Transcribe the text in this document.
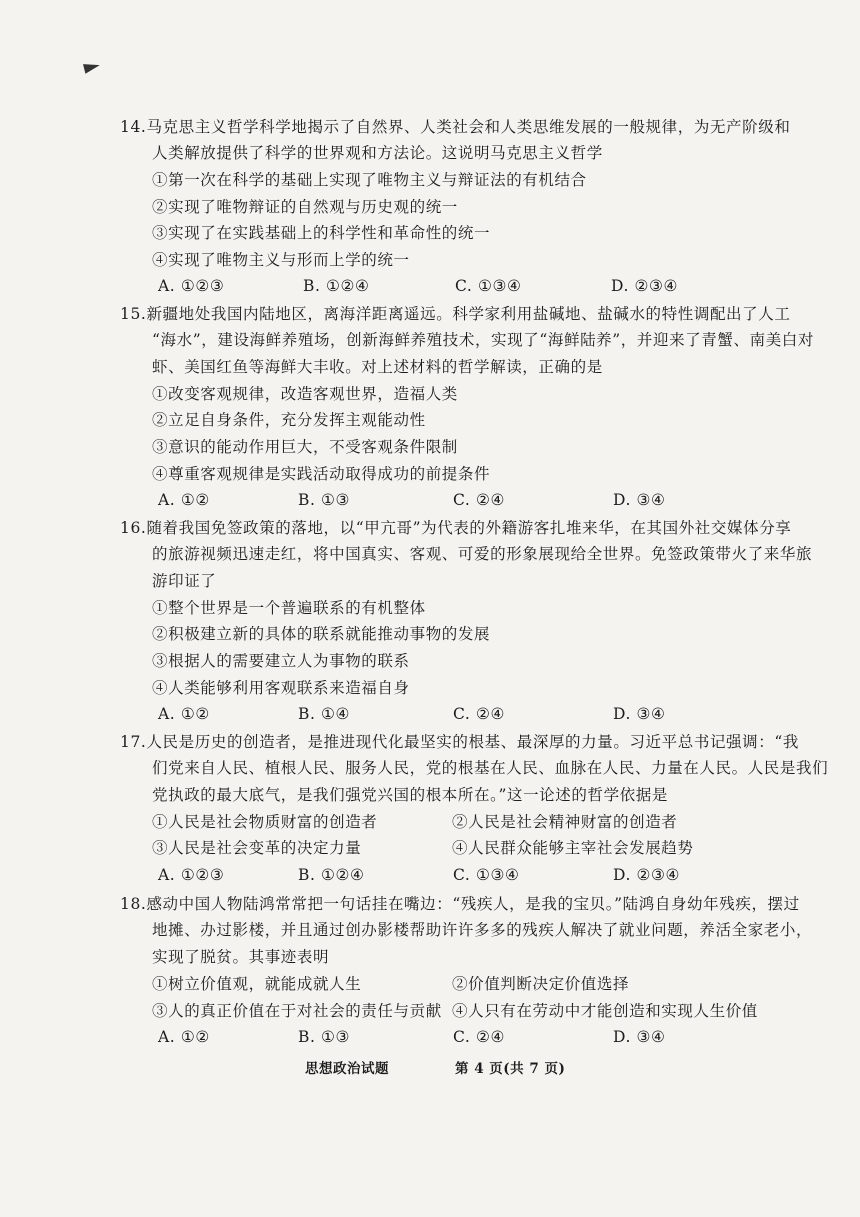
14.马克思主义哲学科学地揭示了自然界、人类社会和人类思维发展的一般规律，为无产阶级和
人类解放提供了科学的世界观和方法论。这说明马克思主义哲学
①第一次在科学的基础上实现了唯物主义与辩证法的有机结合
②实现了唯物辩证的自然观与历史观的统一
③实现了在实践基础上的科学性和革命性的统一
④实现了唯物主义与形而上学的统一
A. ①②③	B. ①②④	C. ①③④	D. ②③④
15.新疆地处我国内陆地区，离海洋距离遥远。科学家利用盐碱地、盐碱水的特性调配出了人工
“海水”，建设海鲜养殖场，创新海鲜养殖技术，实现了“海鲜陆养”，并迎来了青蟹、南美白对
虾、美国红鱼等海鲜大丰收。对上述材料的哲学解读，正确的是
①改变客观规律，改造客观世界，造福人类
②立足自身条件，充分发挥主观能动性
③意识的能动作用巨大，不受客观条件限制
④尊重客观规律是实践活动取得成功的前提条件
A. ①②	B. ①③	C. ②④	D. ③④
16.随着我国免签政策的落地，以“甲亢哥”为代表的外籍游客扎堆来华，在其国外社交媒体分享
的旅游视频迅速走红，将中国真实、客观、可爱的形象展现给全世界。免签政策带火了来华旅
游印证了
①整个世界是一个普遍联系的有机整体
②积极建立新的具体的联系就能推动事物的发展
③根据人的需要建立人为事物的联系
④人类能够利用客观联系来造福自身
A. ①②	B. ①④	C. ②④	D. ③④
17.人民是历史的创造者，是推进现代化最坚实的根基、最深厚的力量。习近平总书记强调：“我
们党来自人民、植根人民、服务人民，党的根基在人民、血脉在人民、力量在人民。人民是我们
党执政的最大底气，是我们强党兴国的根本所在。”这一论述的哲学依据是
①人民是社会物质财富的创造者	②人民是社会精神财富的创造者
③人民是社会变革的决定力量	④人民群众能够主宰社会发展趋势
A. ①②③	B. ①②④	C. ①③④	D. ②③④
18.感动中国人物陆鸿常常把一句话挂在嘴边：“残疾人，是我的宝贝。”陆鸿自身幼年残疾，摆过
地摊、办过影楼，并且通过创办影楼帮助许许多多的残疾人解决了就业问题，养活全家老小，
实现了脱贫。其事迹表明
①树立价值观，就能成就人生	②价值判断决定价值选择
③人的真正价值在于对社会的责任与贡献 ④人只有在劳动中才能创造和实现人生价值
A. ①②	B. ①③	C. ②④	D. ③④
思想政治试题	第 4 页(共 7 页)
